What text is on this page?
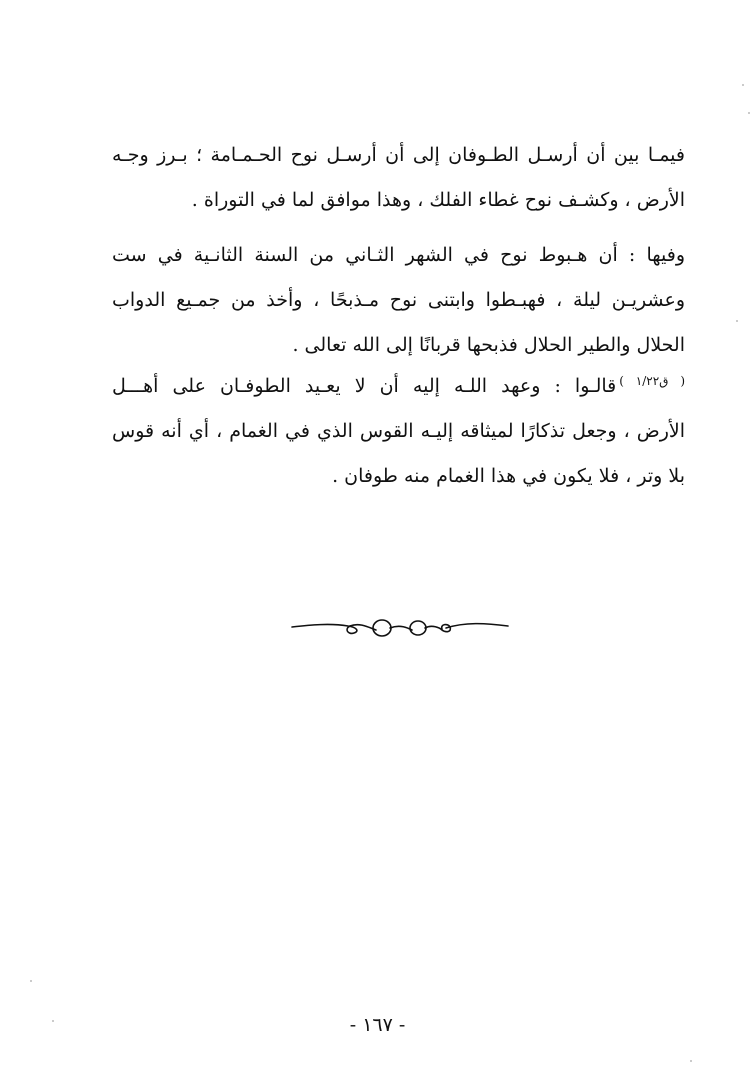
فيمـا بين أن أرسـل الطـوفان إلى أن أرسـل نوح الحـمـامة ؛ بـرز وجـه
الأرض ، وكشـف نوح غطاء الفلك ، وهذا موافق لما في التوراة .
وفيها : أن هـبوط نوح في الشهر الثـاني من السنة الثانـية في ست
وعشريـن ليلة ، فهبـطوا وابتنى نوح مـذبحًا ، وأخذ من جمـيع الدواب
الحلال والطير الحلال فذبحها قربانًا إلى الله تعالى .
$^{( ق١/٢٢ )}$قالـوا : وعهد اللـه إليه أن لا يعـيد الطوفـان على أهـــل
الأرض ، وجعل تذكارًا لميثاقه إليـه القوس الذي في الغمام ، أي أنه قوس
بلا وتر ، فلا يكون في هذا الغمام منه طوفان .
- ١٦٧ -
